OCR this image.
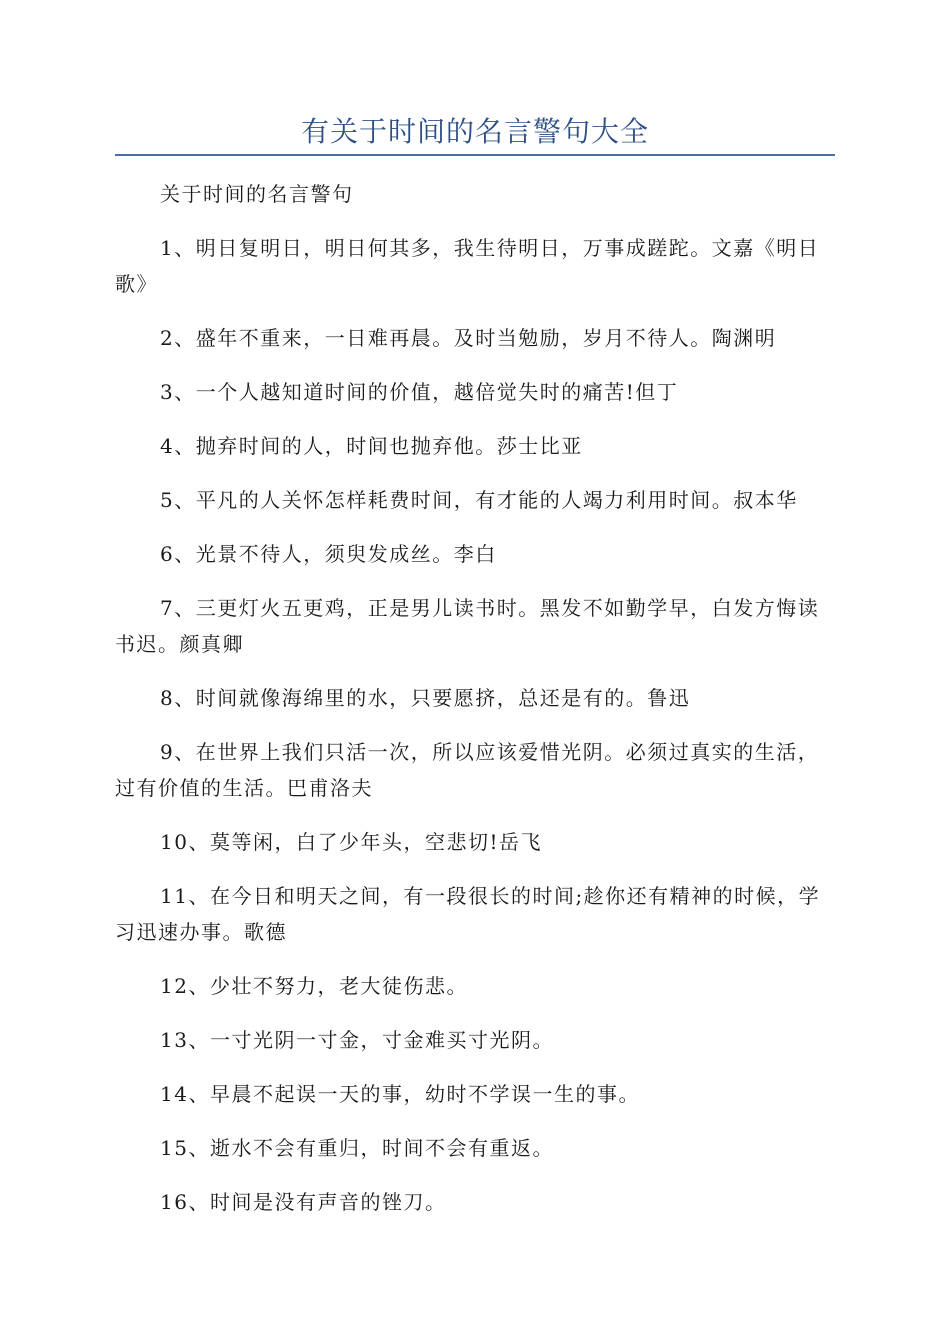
有关于时间的名言警句大全

关于时间的名言警句

1、明日复明日，明日何其多，我生待明日，万事成蹉跎。文嘉《明日歌》

2、盛年不重来，一日难再晨。及时当勉励，岁月不待人。陶渊明

3、一个人越知道时间的价值，越倍觉失时的痛苦!但丁

4、抛弃时间的人，时间也抛弃他。莎士比亚

5、平凡的人关怀怎样耗费时间，有才能的人竭力利用时间。叔本华

6、光景不待人，须臾发成丝。李白

7、三更灯火五更鸡，正是男儿读书时。黑发不如勤学早，白发方悔读书迟。颜真卿

8、时间就像海绵里的水，只要愿挤，总还是有的。鲁迅

9、在世界上我们只活一次，所以应该爱惜光阴。必须过真实的生活，过有价值的生活。巴甫洛夫

10、莫等闲，白了少年头，空悲切!岳飞

11、在今日和明天之间，有一段很长的时间;趁你还有精神的时候，学习迅速办事。歌德

12、少壮不努力，老大徒伤悲。

13、一寸光阴一寸金，寸金难买寸光阴。

14、早晨不起误一天的事，幼时不学误一生的事。

15、逝水不会有重归，时间不会有重返。

16、时间是没有声音的锉刀。
